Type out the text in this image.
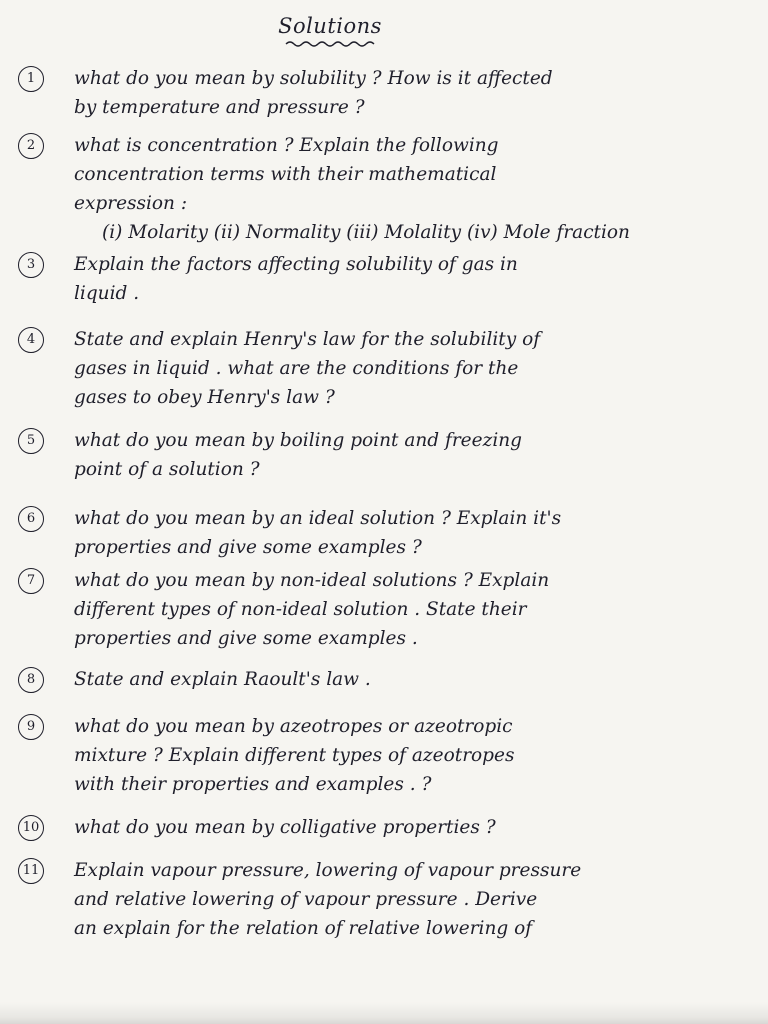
Solutions
1	what do you mean by solubility ? How is it affected
by temperature and pressure ?
2	what is concentration ? Explain the following
concentration terms with their mathematical
expression :
(i) Molarity (ii) Normality (iii) Molality (iv) Mole fraction
3	Explain the factors affecting solubility of gas in
liquid .
4	State and explain Henry's law for the solubility of
gases in liquid . what are the conditions for the
gases to obey Henry's law ?
5	what do you mean by boiling point and freezing
point of a solution ?
6	what do you mean by an ideal solution ? Explain it's
properties and give some examples ?
7	what do you mean by non-ideal solutions ? Explain
different types of non-ideal solution . State their
properties and give some examples .
8	State and explain Raoult's law .
9	what do you mean by azeotropes or azeotropic
mixture ? Explain different types of azeotropes
with their properties and examples . ?
10 what do you mean by colligative properties ?
11 Explain vapour pressure, lowering of vapour pressure
and relative lowering of vapour pressure . Derive
an explain for the relation of relative lowering of
